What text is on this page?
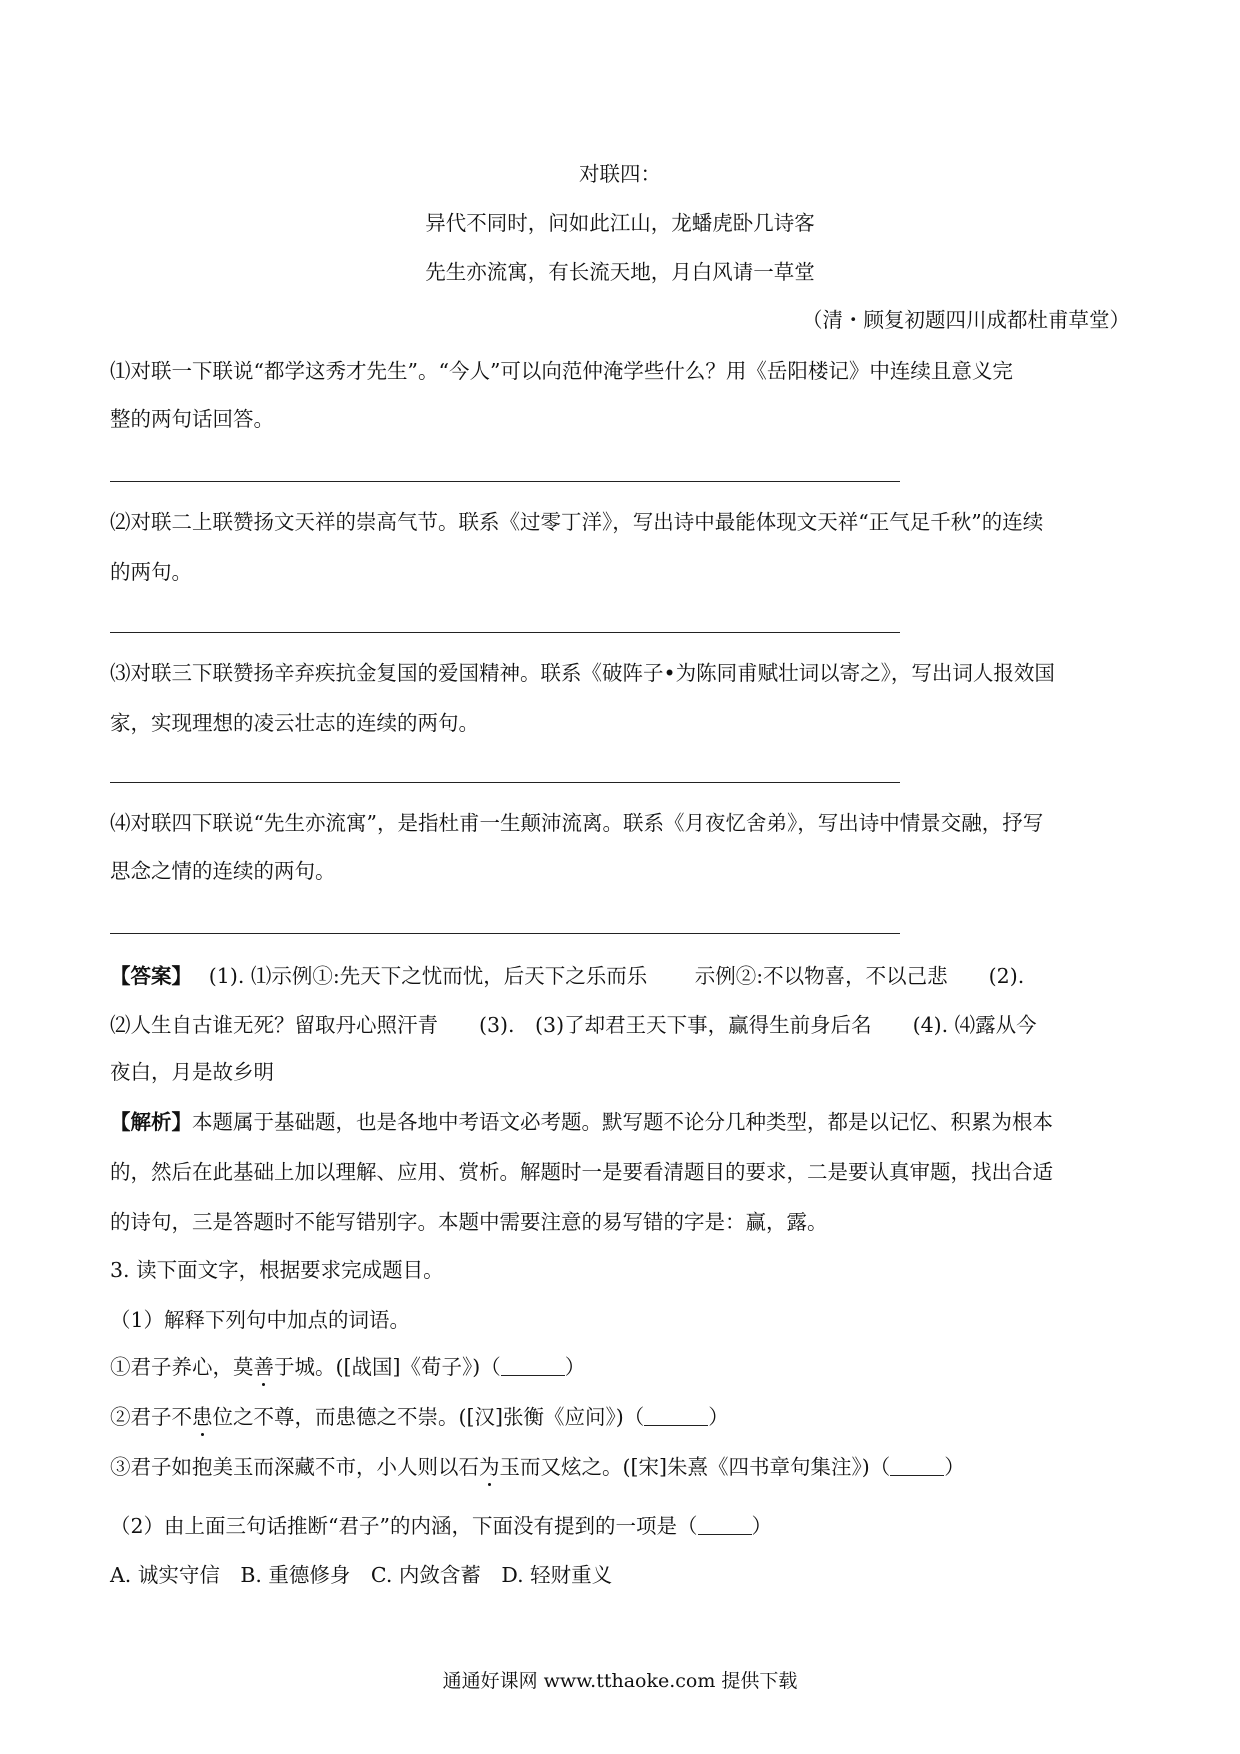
对联四：
异代不同时，问如此江山，龙蟠虎卧几诗客
先生亦流寓，有长流天地，月白风请一草堂
（清・顾复初题四川成都杜甫草堂）
⑴对联一下联说“都学这秀才先生”。“今人”可以向范仲淹学些什么？用《岳阳楼记》中连续且意义完
整的两句话回答。
⑵对联二上联赞扬文天祥的崇高气节。联系《过零丁洋》，写出诗中最能体现文天祥“正气足千秋”的连续
的两句。
⑶对联三下联赞扬辛弃疾抗金复国的爱国精神。联系《破阵子•为陈同甫赋壮词以寄之》，写出词人报效国
家，实现理想的凌云壮志的连续的两句。
⑷对联四下联说“先生亦流寓”，是指杜甫一生颠沛流离。联系《月夜忆舍弟》，写出诗中情景交融，抒写
思念之情的连续的两句。
【答案】　 (1). ⑴示例①:先天下之忧而忧，后天下之乐而乐　　 示例②:不以物喜，不以己悲　　(2).
⑵人生自古谁无死？留取丹心照汗青　　(3).　(3)了却君王天下事，赢得生前身后名　　(4). ⑷露从今
夜白，月是故乡明
【解析】本题属于基础题，也是各地中考语文必考题。默写题不论分几种类型，都是以记忆、积累为根本
的，然后在此基础上加以理解、应用、赏析。解题时一是要看清题目的要求，二是要认真审题，找出合适
的诗句，三是答题时不能写错别字。本题中需要注意的易写错的字是：赢，露。
3. 读下面文字，根据要求完成题目。
（1）解释下列句中加点的词语。
①君子养心，莫善于城。([战国]《荀子》)（	）
②君子不患位之不尊，而患德之不崇。([汉]张衡《应问》)（	）
③君子如抱美玉而深藏不市，小人则以石为玉而又炫之。([宋]朱熹《四书章句集注》)（	）
（2）由上面三句话推断“君子”的内涵，下面没有提到的一项是（	）
A. 诚实守信　B. 重德修身　C. 内敛含蓄　D. 轻财重义
通通好课网 www.tthaoke.com 提供下载
